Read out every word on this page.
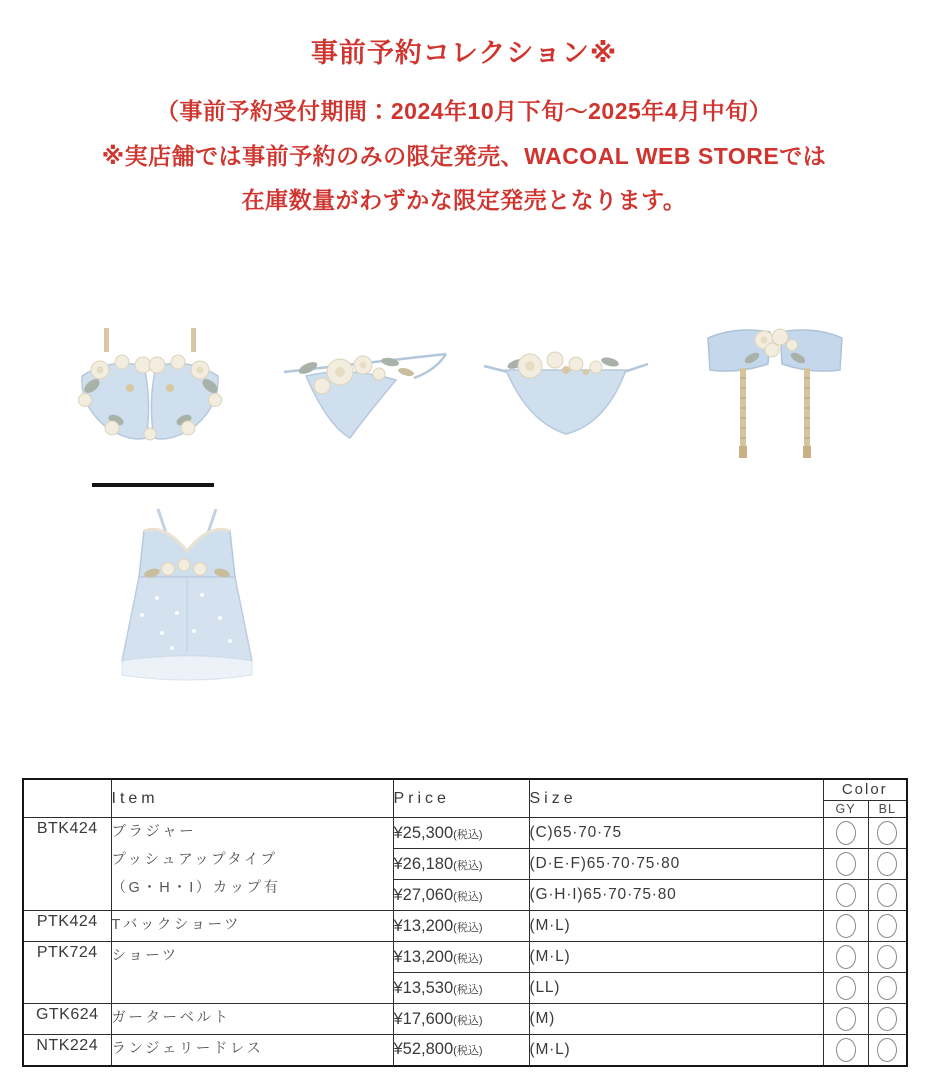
事前予約コレクション※
（事前予約受付期間：2024年10月下旬～2025年4月中旬）
※実店舗では事前予約のみの限定発売、WACOAL WEB STOREでは
在庫数量がわずかな限定発売となります。
	Item	Price	Size	Color	
				GY	BL
BTK424	ブラジャー
プッシュアップタイプ
（G・H・I）カップ有	¥25,300(税込)	(C)65·70·75	

		¥26,180(税込)	(D·E·F)65·70·75·80	

		¥27,060(税込)	(G·H·I)65·70·75·80	

PTK424	Tバックショーツ	¥13,200(税込)	(M·L)	

PTK724	ショーツ	¥13,200(税込)	(M·L)	

		¥13,530(税込)	(LL)	

GTK624	ガーターベルト	¥17,600(税込)	(M)	

NTK224	ランジェリードレス	¥52,800(税込)	(M·L)	
